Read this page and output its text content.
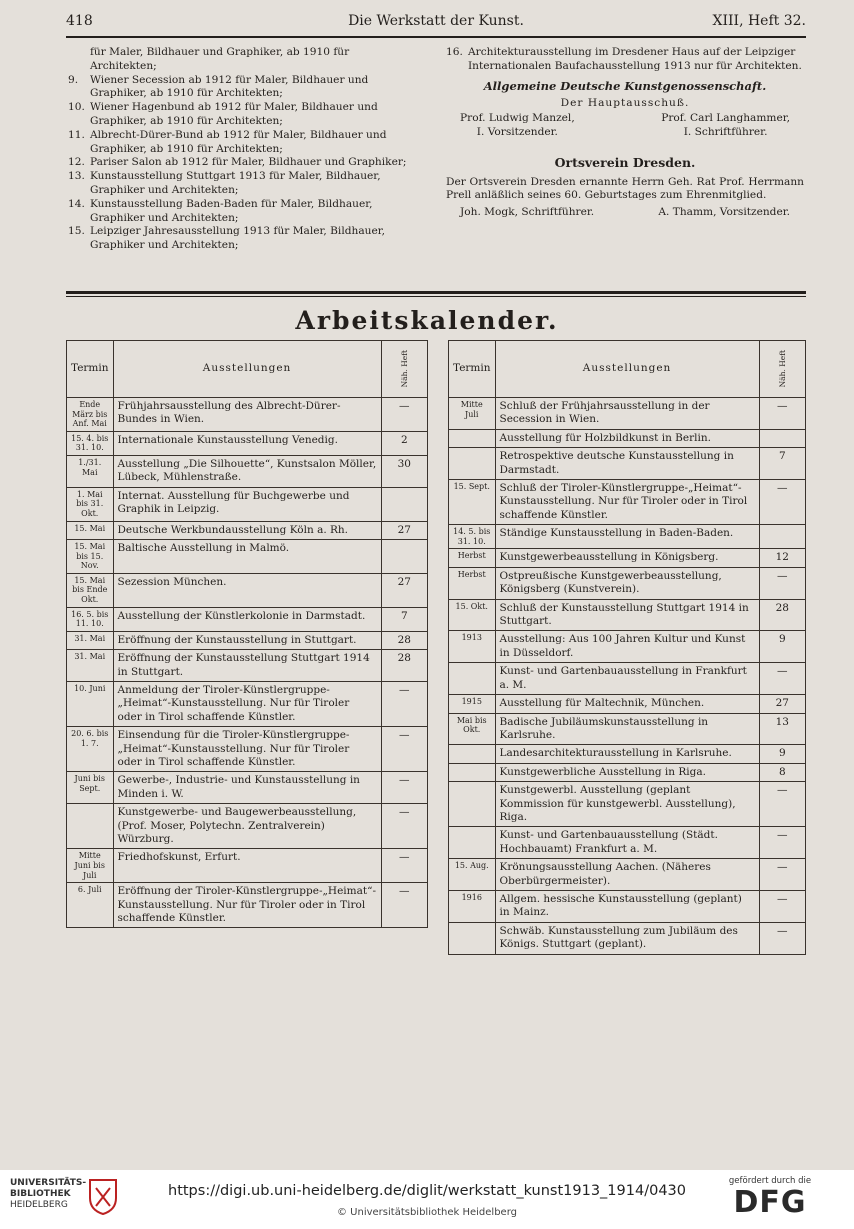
418	Die Werkstatt der Kunst.	XIII, Heft 32.
für Maler, Bildhauer und Graphiker, ab 1910 für Architekten;
9. Wiener Secession ab 1912 für Maler, Bildhauer und Graphiker, ab 1910 für Architekten;
10. Wiener Hagenbund ab 1912 für Maler, Bildhauer und Graphiker, ab 1910 für Architekten;
11. Albrecht-Dürer-Bund ab 1912 für Maler, Bildhauer und Graphiker, ab 1910 für Architekten;
12. Pariser Salon ab 1912 für Maler, Bildhauer und Graphiker;
13. Kunstausstellung Stuttgart 1913 für Maler, Bildhauer, Graphiker und Architekten;
14. Kunstausstellung Baden-Baden für Maler, Bildhauer, Graphiker und Architekten;
15. Leipziger Jahresausstellung 1913 für Maler, Bildhauer, Graphiker und Architekten;
16. Architekturausstellung im Dresdener Haus auf der Leipziger Internationalen Baufachausstellung 1913 nur für Architekten.
Allgemeine Deutsche Kunstgenossenschaft.
Der Hauptausschuß.
Prof. Ludwig Manzel,
I. Vorsitzender.
Prof. Carl Langhammer,
I. Schriftführer.
Ortsverein Dresden.
Der Ortsverein Dresden ernannte Herrn Geh. Rat Prof. Herrmann Prell anläßlich seines 60. Geburtstages zum Ehrenmitglied.
Joh. Mogk, Schriftführer.	A. Thamm, Vorsitzender.
Arbeitskalender.
Termin	Ausstellungen	Näh. Heft
Ende März bis Anf. Mai	Frühjahrsausstellung des Albrecht-Dürer-Bundes in Wien.	—
15. 4. bis 31. 10.	Internationale Kunstausstellung Venedig.	2
1./31. Mai	Ausstellung „Die Silhouette“, Kunstsalon Möller, Lübeck, Mühlenstraße.	30
1. Mai bis 31. Okt.	Internat. Ausstellung für Buchgewerbe und Graphik in Leipzig.	
15. Mai	Deutsche Werkbundausstellung Köln a. Rh.	27
15. Mai bis 15. Nov.	Baltische Ausstellung in Malmö.	
15. Mai bis Ende Okt.	Sezession München.	27
16. 5. bis 11. 10.	Ausstellung der Künstlerkolonie in Darmstadt.	7
31. Mai	Eröffnung der Kunstausstellung in Stuttgart.	28
31. Mai	Eröffnung der Kunstausstellung Stuttgart 1914 in Stuttgart.	28
10. Juni	Anmeldung der Tiroler-Künstlergruppe-„Heimat“-Kunstausstellung. Nur für Tiroler oder in Tirol schaffende Künstler.	—
20. 6. bis 1. 7.	Einsendung für die Tiroler-Künstlergruppe-„Heimat“-Kunstausstellung. Nur für Tiroler oder in Tirol schaffende Künstler.	—
Juni bis Sept.	Gewerbe-, Industrie- und Kunstausstellung in Minden i. W.	—
	Kunstgewerbe- und Baugewerbeausstellung, (Prof. Moser, Polytechn. Zentralverein) Würzburg.	—
Mitte Juni bis Juli	Friedhofskunst, Erfurt.	—
6. Juli	Eröffnung der Tiroler-Künstlergruppe-„Heimat“-Kunstausstellung. Nur für Tiroler oder in Tirol schaffende Künstler.	—
Termin	Ausstellungen	Näh. Heft
Mitte Juli	Schluß der Frühjahrsausstellung in der Secession in Wien.	—
	Ausstellung für Holzbildkunst in Berlin.	
	Retrospektive deutsche Kunstausstellung in Darmstadt.	7
15. Sept.	Schluß der Tiroler-Künstlergruppe-„Heimat“-Kunstausstellung. Nur für Tiroler oder in Tirol schaffende Künstler.	—
14. 5. bis 31. 10.	Ständige Kunstausstellung in Baden-Baden.	
Herbst	Kunstgewerbeausstellung in Königsberg.	12
Herbst	Ostpreußische Kunstgewerbeausstellung, Königsberg (Kunstverein).	—
15. Okt.	Schluß der Kunstausstellung Stuttgart 1914 in Stuttgart.	28
1913	Ausstellung: Aus 100 Jahren Kultur und Kunst in Düsseldorf.	9
	Kunst- und Gartenbauausstellung in Frankfurt a. M.	—
1915	Ausstellung für Maltechnik, München.	27
Mai bis Okt.	Badische Jubiläumskunstausstellung in Karlsruhe.	13
	Landesarchitekturausstellung in Karlsruhe.	9
	Kunstgewerbliche Ausstellung in Riga.	8
	Kunstgewerbl. Ausstellung (geplant Kommission für kunstgewerbl. Ausstellung), Riga.	—
	Kunst- und Gartenbauausstellung (Städt. Hochbauamt) Frankfurt a. M.	—
15. Aug.	Krönungsausstellung Aachen. (Näheres Oberbürgermeister).	—
1916	Allgem. hessische Kunstausstellung (geplant) in Mainz.	—
	Schwäb. Kunstausstellung zum Jubiläum des Königs. Stuttgart (geplant).	—
UNIVERSITÄTS-
BIBLIOTHEK
HEIDELBERG
https://digi.ub.uni-heidelberg.de/diglit/werkstatt_kunst1913_1914/0430
© Universitätsbibliothek Heidelberg
gefördert durch die
DFG
